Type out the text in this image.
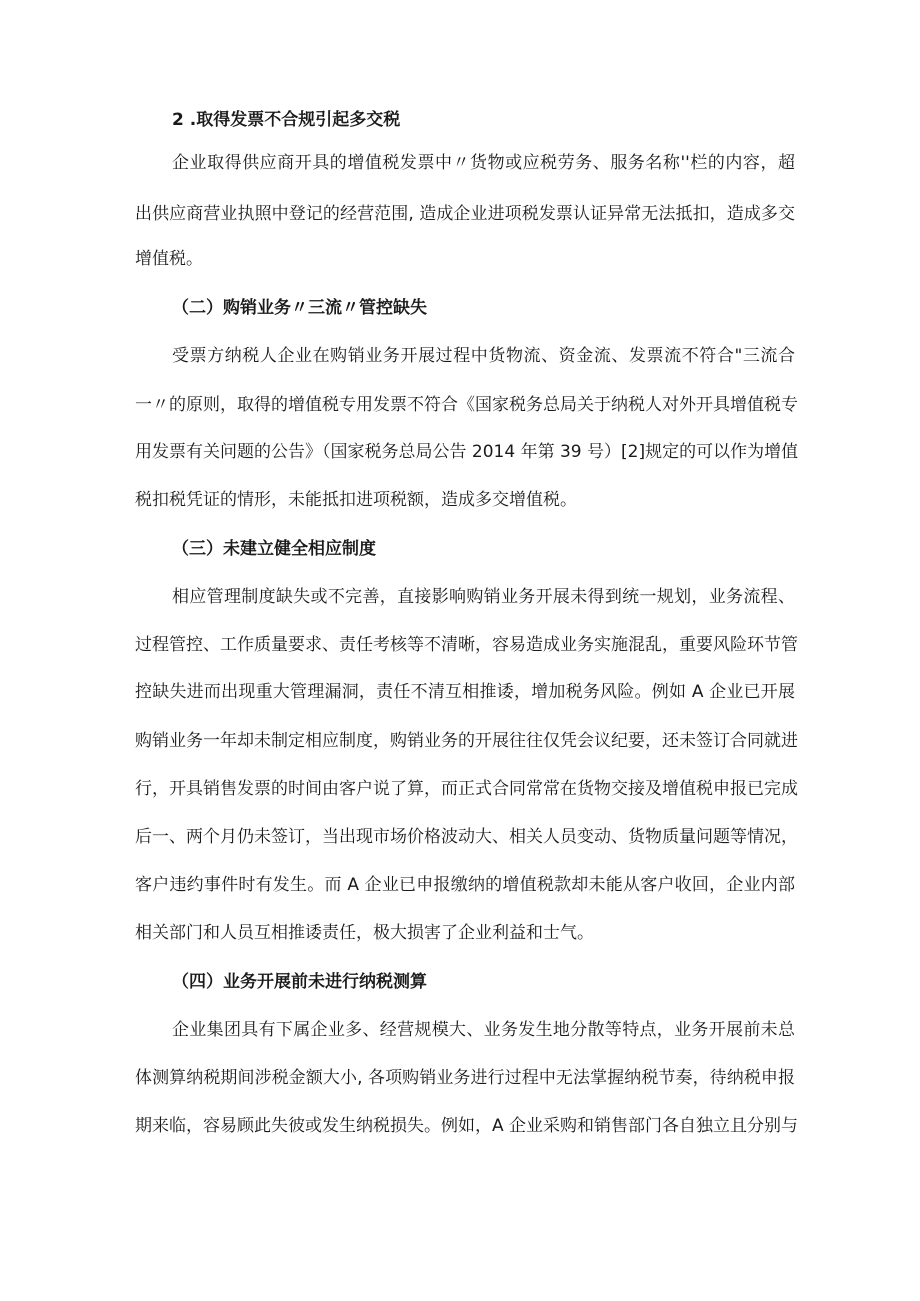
2 .取得发票不合规引起多交税
企业取得供应商开具的增值税发票中〃货物或应税劳务、服务名称''栏的内容，超
出供应商营业执照中登记的经营范围, 造成企业进项税发票认证异常无法抵扣，造成多交
增值税。
（二）购销业务〃三流〃管控缺失
受票方纳税人企业在购销业务开展过程中货物流、资金流、发票流不符合"三流合
一〃的原则，取得的增值税专用发票不符合《国家税务总局关于纳税人对外开具增值税专
用发票有关问题的公告》（国家税务总局公告 2014 年第 39 号）[2]规定的可以作为增值
税扣税凭证的情形，未能抵扣进项税额，造成多交增值税。
（三）未建立健全相应制度
相应管理制度缺失或不完善，直接影响购销业务开展未得到统一规划，业务流程、
过程管控、工作质量要求、责任考核等不清晰，容易造成业务实施混乱，重要风险环节管
控缺失进而出现重大管理漏洞，责任不清互相推诿，增加税务风险。例如 A 企业已开展
购销业务一年却未制定相应制度，购销业务的开展往往仅凭会议纪要，还未签订合同就进
行，开具销售发票的时间由客户说了算，而正式合同常常在货物交接及增值税申报已完成
后一、两个月仍未签订，当出现市场价格波动大、相关人员变动、货物质量问题等情况，
客户违约事件时有发生。而 A 企业已申报缴纳的增值税款却未能从客户收回，企业内部
相关部门和人员互相推诿责任，极大损害了企业利益和士气。
（四）业务开展前未进行纳税测算
企业集团具有下属企业多、经营规模大、业务发生地分散等特点，业务开展前未总
体测算纳税期间涉税金额大小, 各项购销业务进行过程中无法掌握纳税节奏，待纳税申报
期来临，容易顾此失彼或发生纳税损失。例如，A 企业采购和销售部门各自独立且分别与
